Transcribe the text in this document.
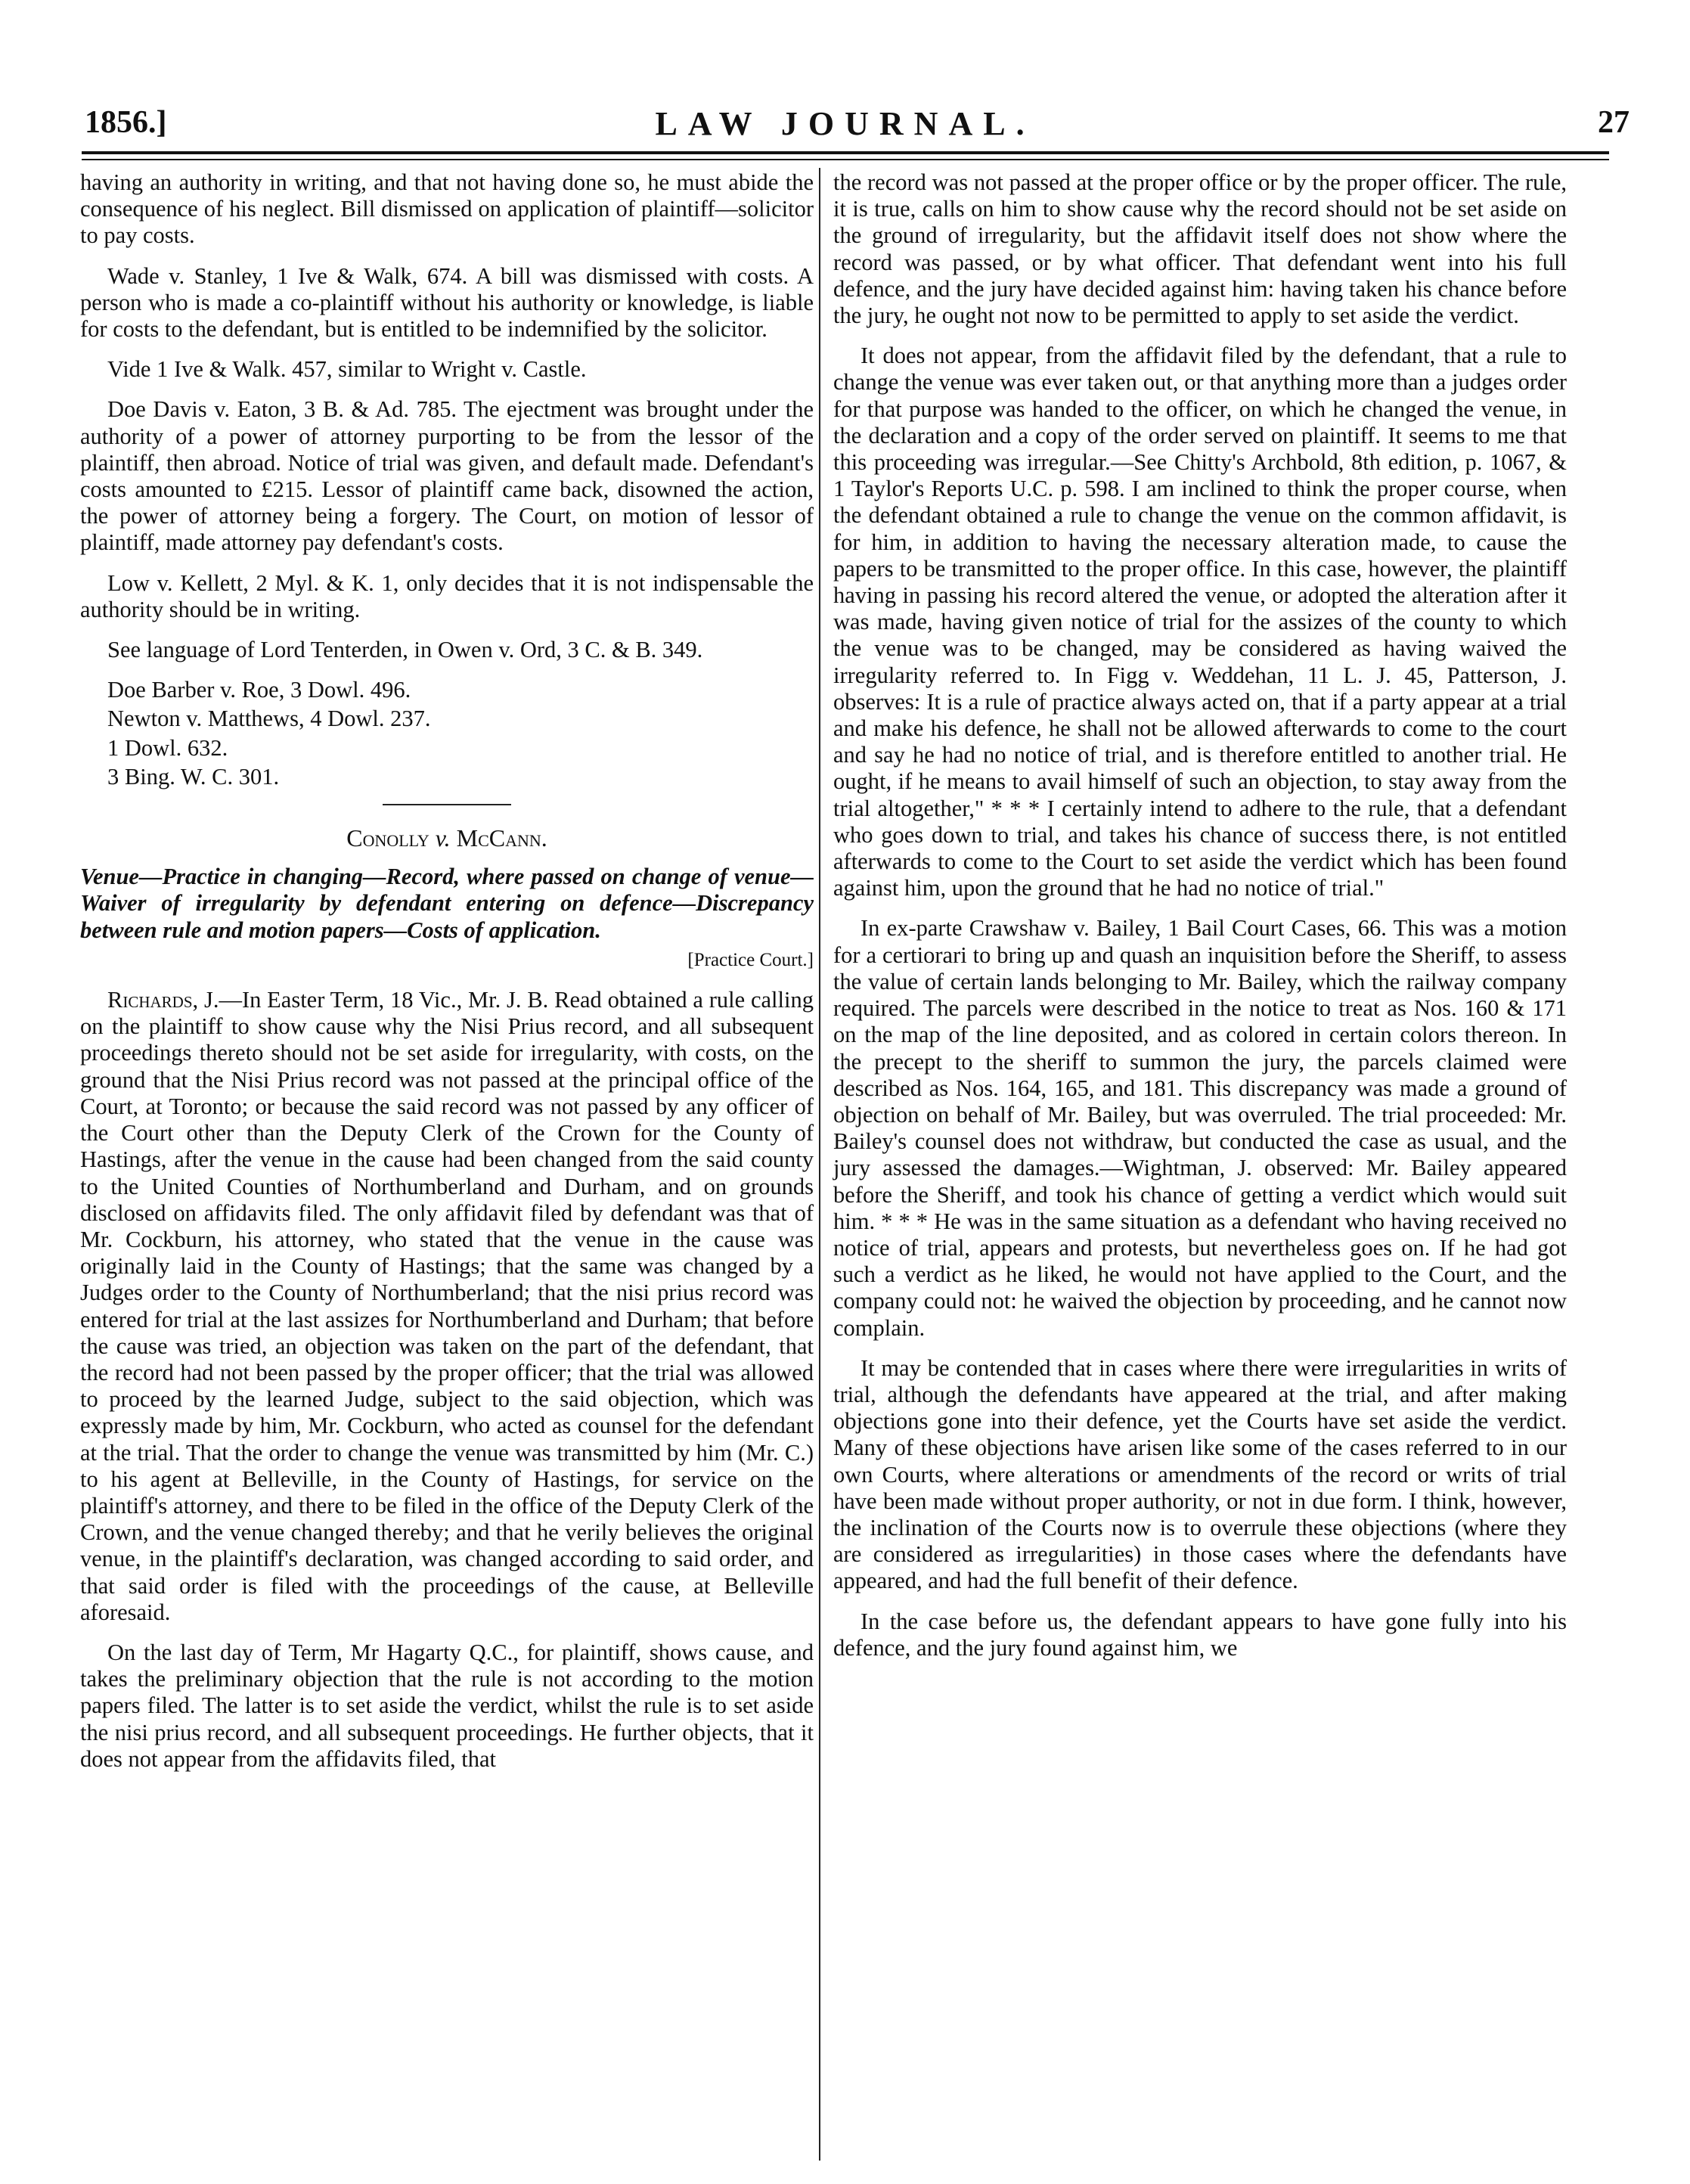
1856.]	LAW JOURNAL.	27

having an authority in writing, and that not having done so, he must abide the consequence of his neglect. Bill dismissed on application of plaintiff—solicitor to pay costs.

Wade v. Stanley, 1 Ive & Walk, 674. A bill was dismissed with costs. A person who is made a co-plaintiff without his authority or knowledge, is liable for costs to the defendant, but is entitled to be indemnified by the solicitor.

Vide 1 Ive & Walk. 457, similar to Wright v. Castle.

Doe Davis v. Eaton, 3 B. & Ad. 785. The ejectment was brought under the authority of a power of attorney purporting to be from the lessor of the plaintiff, then abroad. Notice of trial was given, and default made. Defendant's costs amounted to £215. Lessor of plaintiff came back, disowned the action, the power of attorney being a forgery. The Court, on motion of lessor of plaintiff, made attorney pay defendant's costs.

Low v. Kellett, 2 Myl. & K. 1, only decides that it is not indispensable the authority should be in writing.

See language of Lord Tenterden, in Owen v. Ord, 3 C. & B. 349.

Doe Barber v. Roe, 3 Dowl. 496.

Newton v. Matthews, 4 Dowl. 237.

1 Dowl. 632.

3 Bing. W. C. 301.

Conolly v. McCann.

Venue—Practice in changing—Record, where passed on change of venue—Waiver of irregularity by defendant entering on defence—Discrepancy between rule and motion papers—Costs of application.

[Practice Court.]

Richards, J.—In Easter Term, 18 Vic., Mr. J. B. Read obtained a rule calling on the plaintiff to show cause why the Nisi Prius record, and all subsequent proceedings thereto should not be set aside for irregularity, with costs, on the ground that the Nisi Prius record was not passed at the principal office of the Court, at Toronto; or because the said record was not passed by any officer of the Court other than the Deputy Clerk of the Crown for the County of Hastings, after the venue in the cause had been changed from the said county to the United Counties of Northumberland and Durham, and on grounds disclosed on affidavits filed. The only affidavit filed by defendant was that of Mr. Cockburn, his attorney, who stated that the venue in the cause was originally laid in the County of Hastings; that the same was changed by a Judges order to the County of Northumberland; that the nisi prius record was entered for trial at the last assizes for Northumberland and Durham; that before the cause was tried, an objection was taken on the part of the defendant, that the record had not been passed by the proper officer; that the trial was allowed to proceed by the learned Judge, subject to the said objection, which was expressly made by him, Mr. Cockburn, who acted as counsel for the defendant at the trial. That the order to change the venue was transmitted by him (Mr. C.) to his agent at Belleville, in the County of Hastings, for service on the plaintiff's attorney, and there to be filed in the office of the Deputy Clerk of the Crown, and the venue changed thereby; and that he verily believes the original venue, in the plaintiff's declaration, was changed according to said order, and that said order is filed with the proceedings of the cause, at Belleville aforesaid.

On the last day of Term, Mr Hagarty Q.C., for plaintiff, shows cause, and takes the preliminary objection that the rule is not according to the motion papers filed. The latter is to set aside the verdict, whilst the rule is to set aside the nisi prius record, and all subsequent proceedings. He further objects, that it does not appear from the affidavits filed, that

the record was not passed at the proper office or by the proper officer. The rule, it is true, calls on him to show cause why the record should not be set aside on the ground of irregularity, but the affidavit itself does not show where the record was passed, or by what officer. That defendant went into his full defence, and the jury have decided against him: having taken his chance before the jury, he ought not now to be permitted to apply to set aside the verdict.

It does not appear, from the affidavit filed by the defendant, that a rule to change the venue was ever taken out, or that anything more than a judges order for that purpose was handed to the officer, on which he changed the venue, in the declaration and a copy of the order served on plaintiff. It seems to me that this proceeding was irregular.—See Chitty's Archbold, 8th edition, p. 1067, & 1 Taylor's Reports U.C. p. 598. I am inclined to think the proper course, when the defendant obtained a rule to change the venue on the common affidavit, is for him, in addition to having the necessary alteration made, to cause the papers to be transmitted to the proper office. In this case, however, the plaintiff having in passing his record altered the venue, or adopted the alteration after it was made, having given notice of trial for the assizes of the county to which the venue was to be changed, may be considered as having waived the irregularity referred to. In Figg v. Weddehan, 11 L. J. 45, Patterson, J. observes: It is a rule of practice always acted on, that if a party appear at a trial and make his defence, he shall not be allowed afterwards to come to the court and say he had no notice of trial, and is therefore entitled to another trial. He ought, if he means to avail himself of such an objection, to stay away from the trial altogether," * * * I certainly intend to adhere to the rule, that a defendant who goes down to trial, and takes his chance of success there, is not entitled afterwards to come to the Court to set aside the verdict which has been found against him, upon the ground that he had no notice of trial."

In ex-parte Crawshaw v. Bailey, 1 Bail Court Cases, 66. This was a motion for a certiorari to bring up and quash an inquisition before the Sheriff, to assess the value of certain lands belonging to Mr. Bailey, which the railway company required. The parcels were described in the notice to treat as Nos. 160 & 171 on the map of the line deposited, and as colored in certain colors thereon. In the precept to the sheriff to summon the jury, the parcels claimed were described as Nos. 164, 165, and 181. This discrepancy was made a ground of objection on behalf of Mr. Bailey, but was overruled. The trial proceeded: Mr. Bailey's counsel does not withdraw, but conducted the case as usual, and the jury assessed the damages.—Wightman, J. observed: Mr. Bailey appeared before the Sheriff, and took his chance of getting a verdict which would suit him. * * * He was in the same situation as a defendant who having received no notice of trial, appears and protests, but nevertheless goes on. If he had got such a verdict as he liked, he would not have applied to the Court, and the company could not: he waived the objection by proceeding, and he cannot now complain.

It may be contended that in cases where there were irregularities in writs of trial, although the defendants have appeared at the trial, and after making objections gone into their defence, yet the Courts have set aside the verdict. Many of these objections have arisen like some of the cases referred to in our own Courts, where alterations or amendments of the record or writs of trial have been made without proper authority, or not in due form. I think, however, the inclination of the Courts now is to overrule these objections (where they are considered as irregularities) in those cases where the defendants have appeared, and had the full benefit of their defence.

In the case before us, the defendant appears to have gone fully into his defence, and the jury found against him, we
